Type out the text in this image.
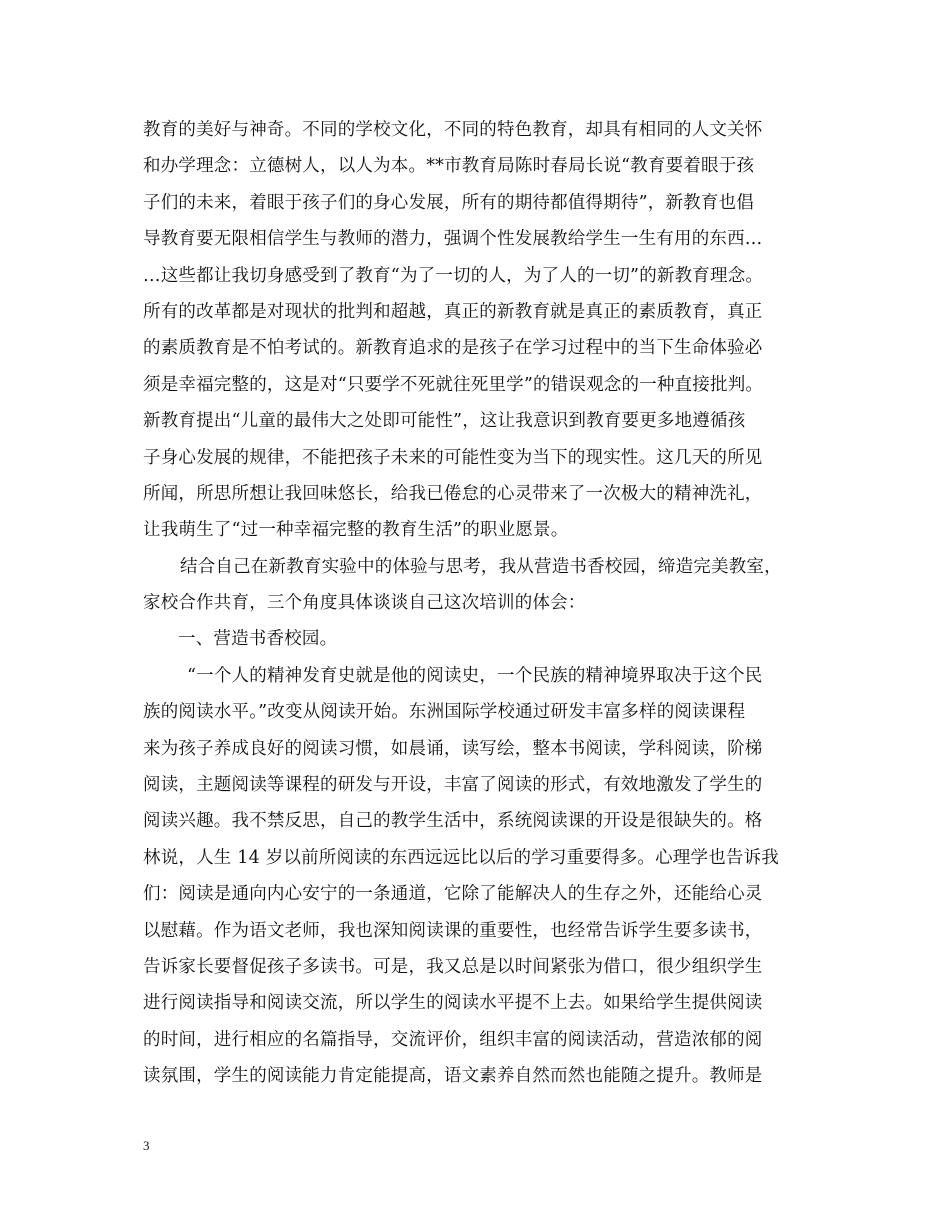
教育的美好与神奇。不同的学校文化，不同的特色教育，却具有相同的人文关怀
和办学理念：立德树人，以人为本。**市教育局陈时春局长说“教育要着眼于孩
子们的未来，着眼于孩子们的身心发展，所有的期待都值得期待”，新教育也倡
导教育要无限相信学生与教师的潜力，强调个性发展教给学生一生有用的东西…
…这些都让我切身感受到了教育“为了一切的人，为了人的一切”的新教育理念。
所有的改革都是对现状的批判和超越，真正的新教育就是真正的素质教育，真正
的素质教育是不怕考试的。新教育追求的是孩子在学习过程中的当下生命体验必
须是幸福完整的，这是对“只要学不死就往死里学”的错误观念的一种直接批判。
新教育提出“儿童的最伟大之处即可能性”，这让我意识到教育要更多地遵循孩
子身心发展的规律，不能把孩子未来的可能性变为当下的现实性。这几天的所见
所闻，所思所想让我回味悠长，给我已倦怠的心灵带来了一次极大的精神洗礼，
让我萌生了“过一种幸福完整的教育生活”的职业愿景。
结合自己在新教育实验中的体验与思考，我从营造书香校园，缔造完美教室，
家校合作共育，三个角度具体谈谈自己这次培训的体会：
一、营造书香校园。
“一个人的精神发育史就是他的阅读史，一个民族的精神境界取决于这个民
族的阅读水平。”改变从阅读开始。东洲国际学校通过研发丰富多样的阅读课程
来为孩子养成良好的阅读习惯，如晨诵，读写绘，整本书阅读，学科阅读，阶梯
阅读，主题阅读等课程的研发与开设，丰富了阅读的形式，有效地激发了学生的
阅读兴趣。我不禁反思，自己的教学生活中，系统阅读课的开设是很缺失的。格
林说，人生 14 岁以前所阅读的东西远远比以后的学习重要得多。心理学也告诉我
们：阅读是通向内心安宁的一条通道，它除了能解决人的生存之外，还能给心灵
以慰藉。作为语文老师，我也深知阅读课的重要性，也经常告诉学生要多读书，
告诉家长要督促孩子多读书。可是，我又总是以时间紧张为借口，很少组织学生
进行阅读指导和阅读交流，所以学生的阅读水平提不上去。如果给学生提供阅读
的时间，进行相应的名篇指导，交流评价，组织丰富的阅读活动，营造浓郁的阅
读氛围，学生的阅读能力肯定能提高，语文素养自然而然也能随之提升。教师是
3
